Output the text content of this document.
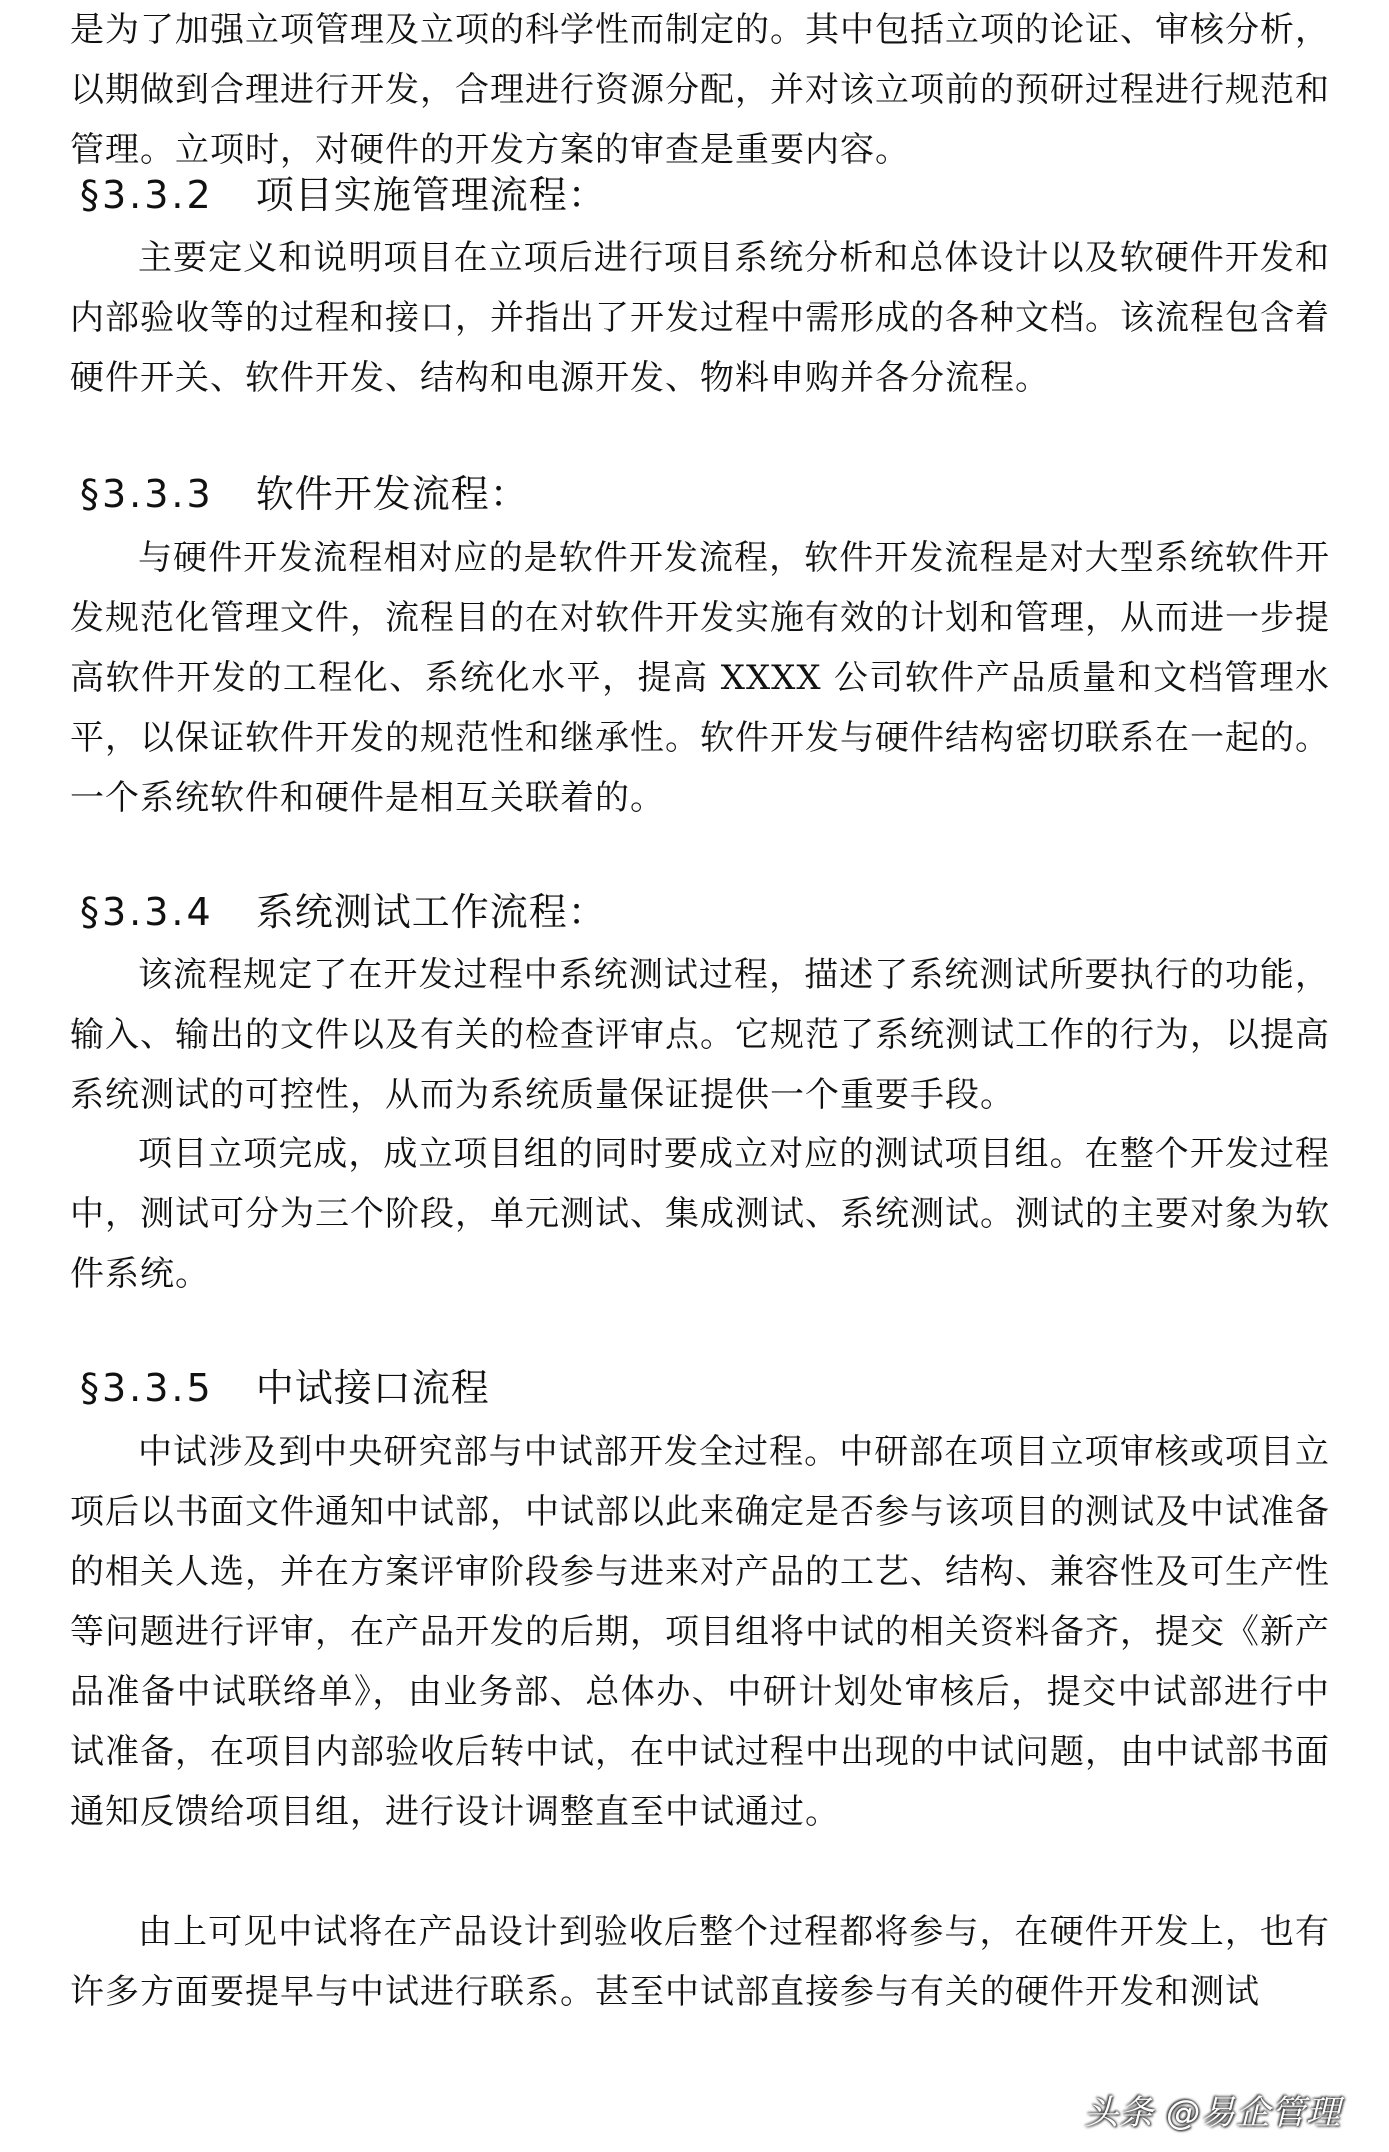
是为了加强立项管理及立项的科学性而制定的。其中包括立项的论证、审核分析，以期做到合理进行开发，合理进行资源分配，并对该立项前的预研过程进行规范和管理。立项时，对硬件的开发方案的审查是重要内容。

§3.3.2 项目实施管理流程：

主要定义和说明项目在立项后进行项目系统分析和总体设计以及软硬件开发和内部验收等的过程和接口，并指出了开发过程中需形成的各种文档。该流程包含着硬件开关、软件开发、结构和电源开发、物料申购并各分流程。

§3.3.3 软件开发流程：

与硬件开发流程相对应的是软件开发流程，软件开发流程是对大型系统软件开发规范化管理文件，流程目的在对软件开发实施有效的计划和管理，从而进一步提高软件开发的工程化、系统化水平，提高 XXXX 公司软件产品质量和文档管理水平，以保证软件开发的规范性和继承性。软件开发与硬件结构密切联系在一起的。一个系统软件和硬件是相互关联着的。

§3.3.4 系统测试工作流程：

该流程规定了在开发过程中系统测试过程，描述了系统测试所要执行的功能，输入、输出的文件以及有关的检查评审点。它规范了系统测试工作的行为，以提高系统测试的可控性，从而为系统质量保证提供一个重要手段。

项目立项完成，成立项目组的同时要成立对应的测试项目组。在整个开发过程中，测试可分为三个阶段，单元测试、集成测试、系统测试。测试的主要对象为软件系统。

§3.3.5 中试接口流程

中试涉及到中央研究部与中试部开发全过程。中研部在项目立项审核或项目立项后以书面文件通知中试部，中试部以此来确定是否参与该项目的测试及中试准备的相关人选，并在方案评审阶段参与进来对产品的工艺、结构、兼容性及可生产性等问题进行评审，在产品开发的后期，项目组将中试的相关资料备齐，提交《新产品准备中试联络单》，由业务部、总体办、中研计划处审核后，提交中试部进行中试准备，在项目内部验收后转中试，在中试过程中出现的中试问题，由中试部书面通知反馈给项目组，进行设计调整直至中试通过。

由上可见中试将在产品设计到验收后整个过程都将参与，在硬件开发上，也有许多方面要提早与中试进行联系。甚至中试部直接参与有关的硬件开发和测试

头条 @易企管理
